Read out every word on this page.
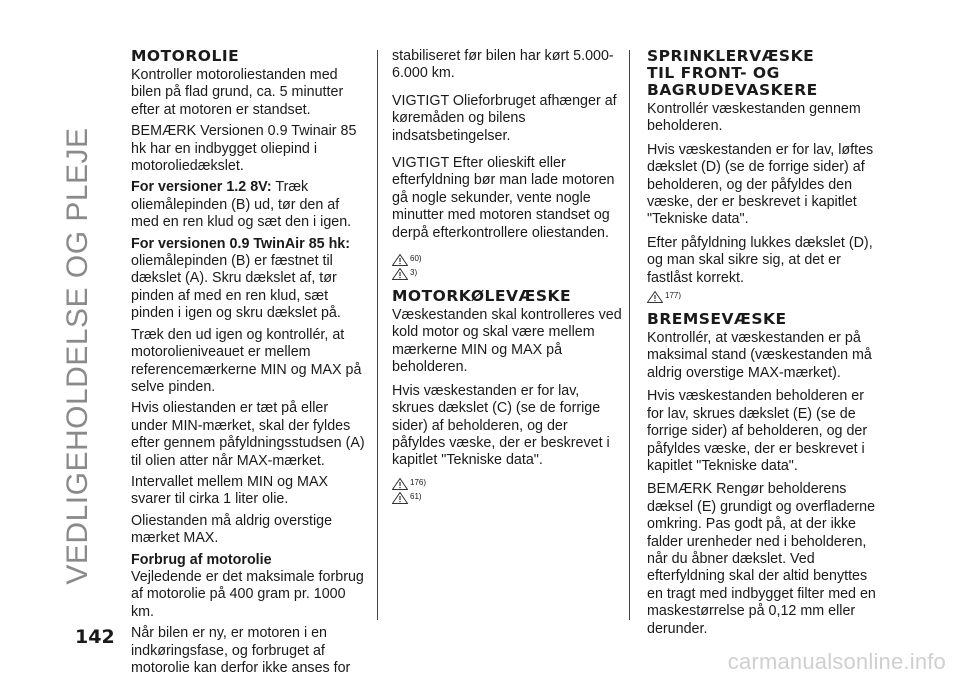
VEDLIGEHOLDELSE OG PLEJE
142
MOTOROLIE

Kontroller motoroliestanden med bilen på flad grund, ca. 5 minutter efter at motoren er standset.

BEMÆRK Versionen 0.9 Twinair 85 hk har en indbygget oliepind i motoroliedækslet.

For versioner 1.2 8V: Træk oliemålepinden (B) ud, tør den af med en ren klud og sæt den i igen.

For versionen 0.9 TwinAir 85 hk: oliemålepinden (B) er fæstnet til dækslet (A). Skru dækslet af, tør pinden af med en ren klud, sæt pinden i igen og skru dækslet på.

Træk den ud igen og kontrollér, at motorolieniveauet er mellem referencemærkerne MIN og MAX på selve pinden.

Hvis oliestanden er tæt på eller under MIN-mærket, skal der fyldes efter gennem påfyldningsstudsen (A) til olien atter når MAX-mærket.

Intervallet mellem MIN og MAX svarer til cirka 1 liter olie.

Oliestanden må aldrig overstige mærket MAX.

Forbrug af motorolie

Vejledende er det maksimale forbrug af motorolie på 400 gram pr. 1000 km.

Når bilen er ny, er motoren i en indkøringsfase, og forbruget af motorolie kan derfor ikke anses for

stabiliseret før bilen har kørt 5.000-6.000 km.

VIGTIGT Olieforbruget afhænger af køremåden og bilens indsatsbetingelser.

VIGTIGT Efter olieskift eller efterfyldning bør man lade motoren gå nogle sekunder, vente nogle minutter med motoren standset og derpå efterkontrollere oliestanden.

60)
3)
MOTORKØLEVÆSKE

Væskestanden skal kontrolleres ved kold motor og skal være mellem mærkerne MIN og MAX på beholderen.

Hvis væskestanden er for lav, skrues dækslet (C) (se de forrige sider) af beholderen, og der påfyldes væske, der er beskrevet i kapitlet "Tekniske data".

176)
61)
SPRINKLERVÆSKE TIL FRONT- OG BAGRUDEVASKERE

Kontrollér væskestanden gennem beholderen.

Hvis væskestanden er for lav, løftes dækslet (D) (se de forrige sider) af beholderen, og der påfyldes den væske, der er beskrevet i kapitlet "Tekniske data".

Efter påfyldning lukkes dækslet (D), og man skal sikre sig, at det er fastlåst korrekt.

177)
BREMSEVÆSKE

Kontrollér, at væskestanden er på maksimal stand (væskestanden må aldrig overstige MAX-mærket).

Hvis væskestanden beholderen er for lav, skrues dækslet (E) (se de forrige sider) af beholderen, og der påfyldes væske, der er beskrevet i kapitlet "Tekniske data".

BEMÆRK Rengør beholderens dæksel (E) grundigt og overfladerne omkring. Pas godt på, at der ikke falder urenheder ned i beholderen, når du åbner dækslet. Ved efterfyldning skal der altid benyttes en tragt med indbygget filter med en maskestørrelse på 0,12 mm eller derunder.

carmanualsonline.info
